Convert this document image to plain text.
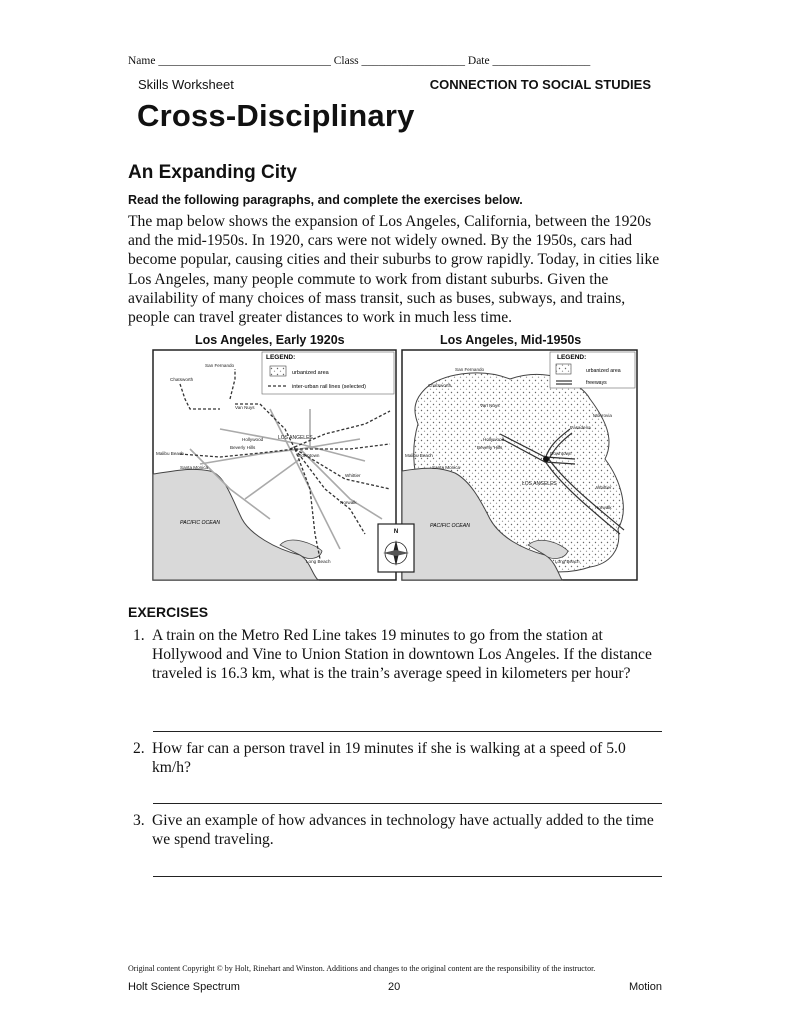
Name ______________________________ Class __________________ Date _________________
Skills Worksheet	CONNECTION TO SOCIAL STUDIES
Cross-Disciplinary
An Expanding City
Read the following paragraphs, and complete the exercises below.
The map below shows the expansion of Los Angeles, California, between the 1920s and the mid-1950s. In 1920, cars were not widely owned. By the 1950s, cars had become popular, causing cities and their suburbs to grow rapidly. Today, in cities like Los Angeles, many people commute to work from distant suburbs. Given the availability of many choices of mass transit, such as buses, subways, and trains, people can travel greater distances to work in much less time.
Los Angeles, Early 1920s	Los Angeles, Mid-1950s
LEGEND:
urbanized area
inter-urban rail lines (selected)
San Fernando
Chatsworth
Van Nuys
Hollywood
Beverly Hills
LOS ANGELES
Downtown
Malibu Beach
Santa Monica
Whittier
Norwalk
Long Beach
PACIFIC OCEAN
LEGEND:
urbanized area
freeways
San Fernando
Chatsworth
Van Nuys
Monrovia
Pasadena
Hollywood
Beverly Hills
Downtown
LOS ANGELES
Malibu Beach
Santa Monica
Whittier
Norwalk
Long Beach
PACIFIC OCEAN
N
EXERCISES
1. A train on the Metro Red Line takes 19 minutes to go from the station at Hollywood and Vine to Union Station in downtown Los Angeles. If the distance traveled is 16.3 km, what is the train’s average speed in kilometers per hour?
2. How far can a person travel in 19 minutes if she is walking at a speed of 5.0 km/h?
3. Give an example of how advances in technology have actually added to the time we spend traveling.
Original content Copyright © by Holt, Rinehart and Winston. Additions and changes to the original content are the responsibility of the instructor.
Holt Science Spectrum	20	Motion
